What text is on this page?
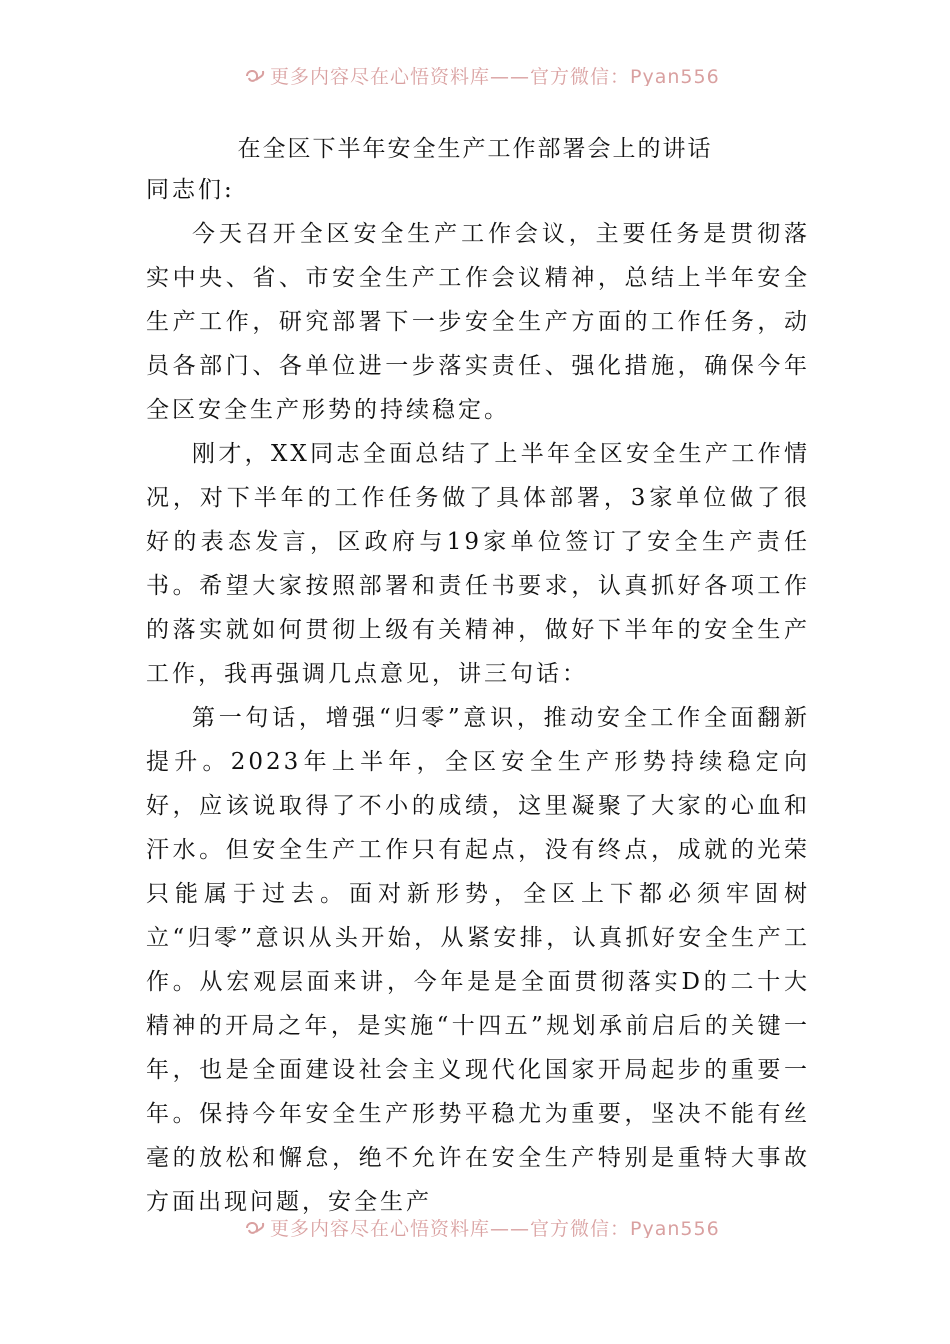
更多内容尽在心悟资料库——官方微信：Pyan556
在全区下半年安全生产工作部署会上的讲话

同志们:

今天召开全区安全生产工作会议，主要任务是贯彻落实中央、省、市安全生产工作会议精神，总结上半年安全生产工作，研究部署下一步安全生产方面的工作任务，动员各部门、各单位进一步落实责任、强化措施，确保今年全区安全生产形势的持续稳定。

刚才，XX同志全面总结了上半年全区安全生产工作情况，对下半年的工作任务做了具体部署，3家单位做了很好的表态发言，区政府与19家单位签订了安全生产责任书。希望大家按照部署和责任书要求，认真抓好各项工作的落实就如何贯彻上级有关精神，做好下半年的安全生产工作，我再强调几点意见，讲三句话：

第一句话，增强“归零”意识，推动安全工作全面翻新提升。2023年上半年，全区安全生产形势持续稳定向好，应该说取得了不小的成绩，这里凝聚了大家的心血和汗水。但安全生产工作只有起点，没有终点，成就的光荣只能属于过去。面对新形势，全区上下都必须牢固树立“归零”意识从头开始，从紧安排，认真抓好安全生产工作。从宏观层面来讲，今年是是全面贯彻落实D的二十大精神的开局之年，是实施“十四五”规划承前启后的关键一年，也是全面建设社会主义现代化国家开局起步的重要一年。保持今年安全生产形势平稳尤为重要，坚决不能有丝毫的放松和懈怠，绝不允许在安全生产特别是重特大事故方面出现问题，安全生产

更多内容尽在心悟资料库——官方微信：Pyan556
